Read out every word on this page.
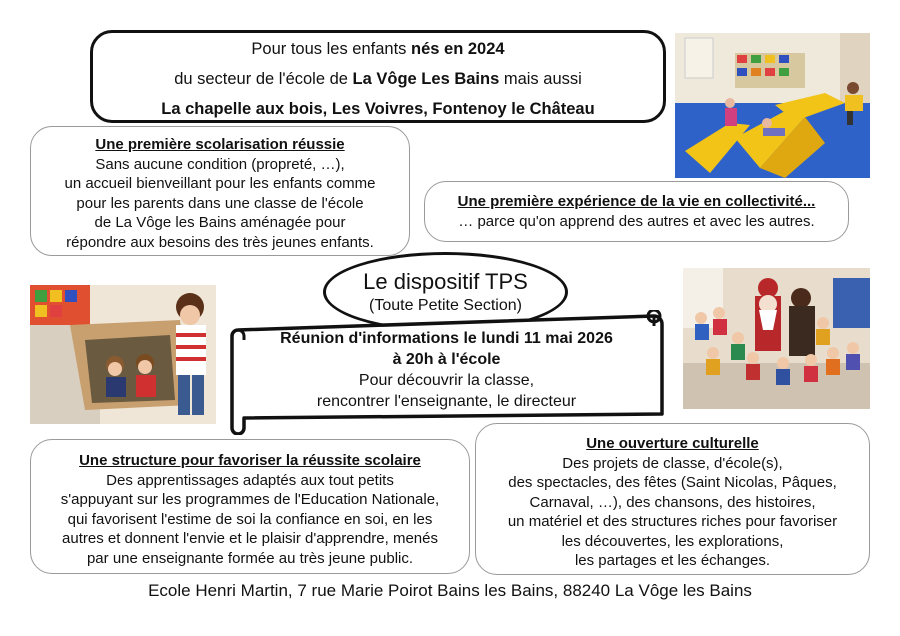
Pour tous les enfants nés en 2024
du secteur de l'école de La Vôge Les Bains mais aussi
La chapelle aux bois, Les Voivres, Fontenoy le Château
Une première scolarisation réussie
Sans aucune condition (propreté, …),
un accueil bienveillant pour les enfants comme
pour les parents dans une classe de l'école
de La Vôge les Bains aménagée pour
répondre aux besoins des très jeunes enfants.
Une première expérience de la vie en collectivité...
… parce qu'on apprend des autres et avec les autres.
Le dispositif TPS
(Toute Petite Section)
Réunion d'informations le lundi 11 mai 2026
à 20h à l'école
Pour découvrir la classe,
rencontrer l'enseignante, le directeur
Une structure pour favoriser la réussite scolaire
Des apprentissages adaptés aux tout petits
s'appuyant sur les programmes de l'Education Nationale,
qui favorisent l'estime de soi la confiance en soi, en les
autres et donnent l'envie et le plaisir d'apprendre, menés
par une enseignante formée au très jeune public.
Une ouverture culturelle
Des projets de classe, d'école(s),
des spectacles, des fêtes (Saint Nicolas, Pâques,
Carnaval, …), des chansons, des histoires,
un matériel et des structures riches pour favoriser
les découvertes, les explorations,
les partages et les échanges.
Ecole Henri Martin, 7 rue Marie Poirot Bains les Bains, 88240 La Vôge les Bains
